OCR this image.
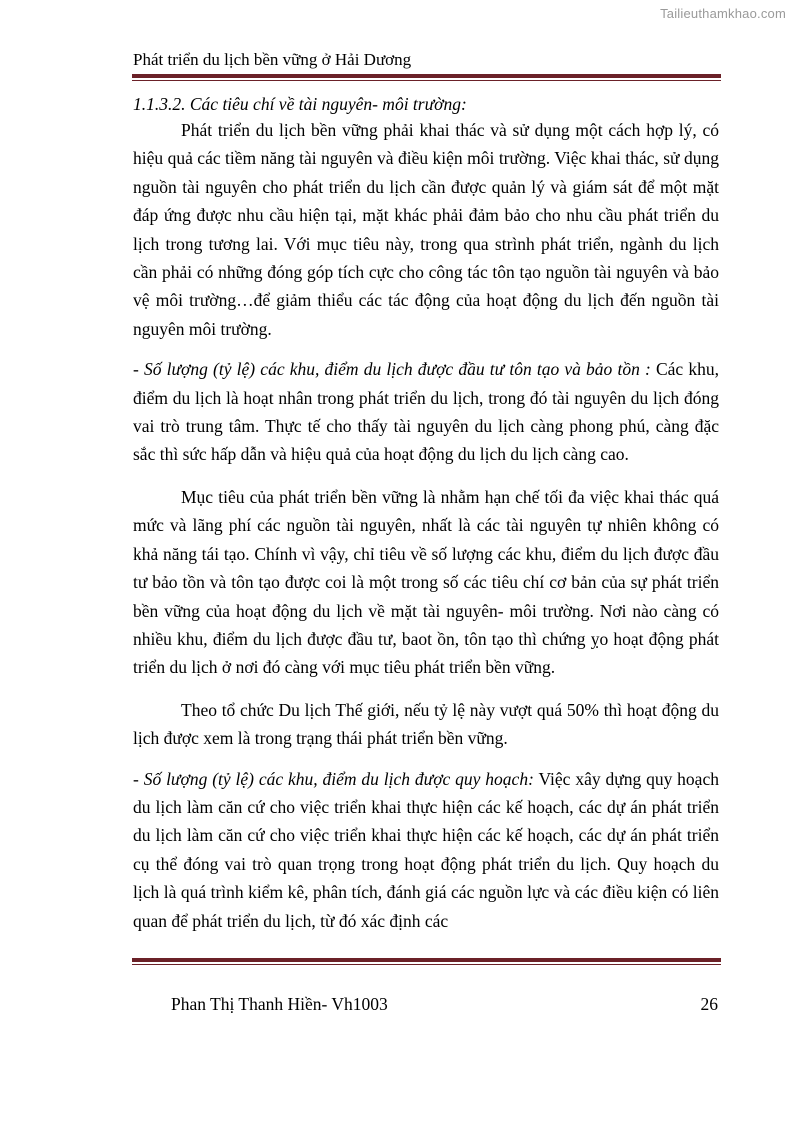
Tailieuthamkhao.com
Phát triển du lịch bền vững ở Hải Dương

1.1.3.2. Các tiêu chí về tài nguyên- môi trường:

Phát triển du lịch bền vững phải khai thác và sử dụng một cách hợp lý, có hiệu quả các tiềm năng tài nguyên và điều kiện môi trường. Việc khai thác, sử dụng nguồn tài nguyên cho phát triển du lịch cần được quản lý và giám sát để một mặt đáp ứng được nhu cầu hiện tại, mặt khác phải đảm bảo cho nhu cầu phát triển du lịch trong tương lai. Với mục tiêu này, trong qua strình phát triển, ngành du lịch cần phải có những đóng góp tích cực cho công tác tôn tạo nguồn tài nguyên và bảo vệ môi trường…để giảm thiểu các tác động của hoạt động du lịch đến nguồn tài nguyên môi trường.

- Số lượng (tỷ lệ) các khu, điểm du lịch được đầu tư tôn tạo và bảo tồn : Các khu, điểm du lịch là hoạt nhân trong phát triển du lịch, trong đó tài nguyên du lịch đóng vai trò trung tâm. Thực tế cho thấy tài nguyên du lịch càng phong phú, càng đặc sắc thì sức hấp dẫn và hiệu quả của hoạt động du lịch du lịch càng cao.

Mục tiêu của phát triển bền vững là nhằm hạn chế tối đa việc khai thác quá mức và lãng phí các nguồn tài nguyên, nhất là các tài nguyên tự nhiên không có khả năng tái tạo. Chính vì vậy, chỉ tiêu về số lượng các khu, điểm du lịch được đầu tư bảo tồn và tôn tạo được coi là một trong số các tiêu chí cơ bản của sự phát triển bền vững của hoạt động du lịch về mặt tài nguyên- môi trường. Nơi nào càng có nhiều khu, điểm du lịch được đầu tư, baot ồn, tôn tạo thì chứng ỵo hoạt động phát triển du lịch ở nơi đó càng với mục tiêu phát triển bền vững.

Theo tổ chức Du lịch Thế giới, nếu tỷ lệ này vượt quá 50% thì hoạt động du lịch được xem là trong trạng thái phát triển bền vững.

- Số lượng (tỷ lệ) các khu, điểm du lịch được quy hoạch: Việc xây dựng quy hoạch du lịch làm căn cứ cho việc triển khai thực hiện các kế hoạch, các dự án phát triển du lịch làm căn cứ cho việc triển khai thực hiện các kế hoạch, các dự án phát triển cụ thể đóng vai trò quan trọng trong hoạt động phát triển du lịch. Quy hoạch du lịch là quá trình kiểm kê, phân tích, đánh giá các nguồn lực và các điều kiện có liên quan để phát triển du lịch, từ đó xác định các

Phan Thị Thanh Hiền- Vh1003	26
